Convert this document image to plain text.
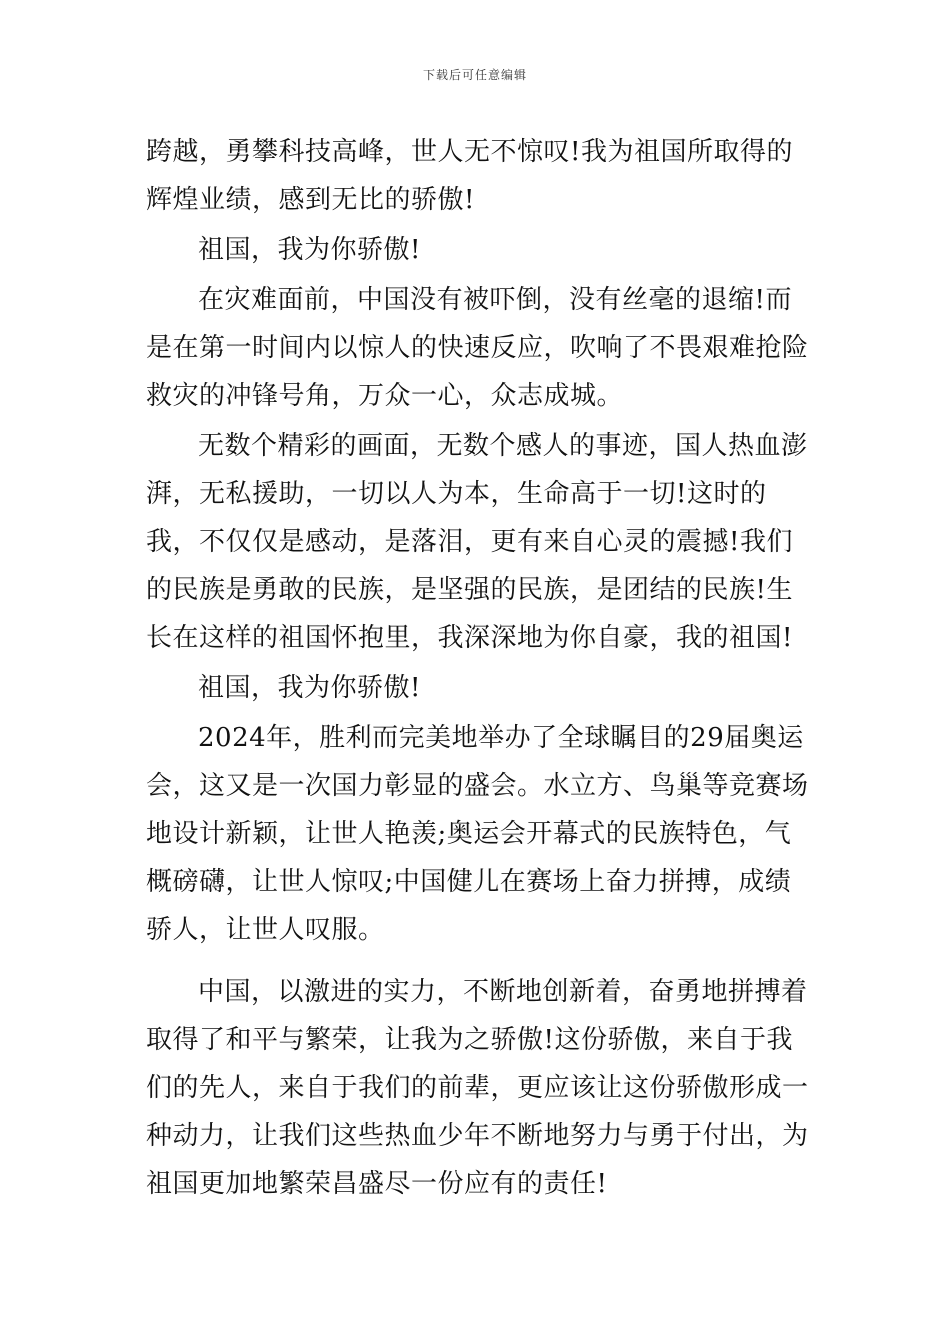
下载后可任意编辑

跨越，勇攀科技高峰，世人无不惊叹!我为祖国所取得的辉煌业绩，感到无比的骄傲!

祖国，我为你骄傲!

在灾难面前，中国没有被吓倒，没有丝毫的退缩!而是在第一时间内以惊人的快速反应，吹响了不畏艰难抢险救灾的冲锋号角，万众一心，众志成城。

无数个精彩的画面，无数个感人的事迹，国人热血澎湃，无私援助，一切以人为本，生命高于一切!这时的我，不仅仅是感动，是落泪，更有来自心灵的震撼!我们的民族是勇敢的民族，是坚强的民族，是团结的民族!生长在这样的祖国怀抱里，我深深地为你自豪，我的祖国!

祖国，我为你骄傲!

2024年，胜利而完美地举办了全球瞩目的29届奥运会，这又是一次国力彰显的盛会。水立方、鸟巢等竞赛场地设计新颖，让世人艳羡;奥运会开幕式的民族特色，气概磅礴，让世人惊叹;中国健儿在赛场上奋力拼搏，成绩骄人，让世人叹服。

中国，以激进的实力，不断地创新着，奋勇地拼搏着取得了和平与繁荣，让我为之骄傲!这份骄傲，来自于我们的先人，来自于我们的前辈，更应该让这份骄傲形成一种动力，让我们这些热血少年不断地努力与勇于付出，为祖国更加地繁荣昌盛尽一份应有的责任!
